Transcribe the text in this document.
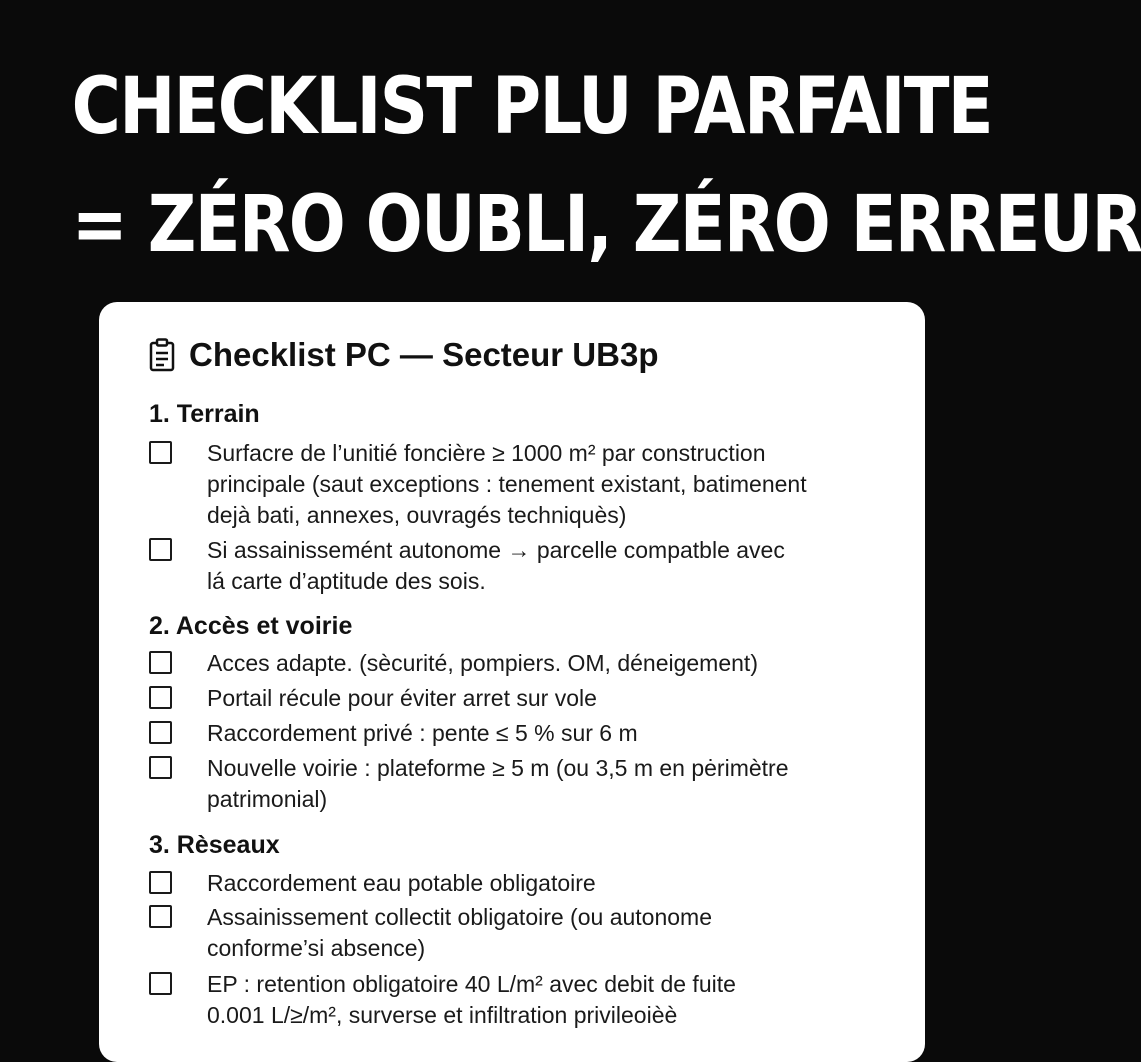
CHECKLIST PLU PARFAITE
= ZÉRO OUBLI, ZÉRO ERREUR
Checklist PC — Secteur UB3p
1. Terrain
Surfacre de l’unitié foncière ≥ 1000 m² par construction
principale (saut exceptions : tenement existant, batimenent
dejà bati, annexes, ouvragés techniquès)
Si assainissemént autonome → parcelle compatble avec
lá carte d’aptitude des sois.
2. Accès et voirie
Acces adapte. (sècurité, pompiers. OM, déneigement)
Portail récule pour éviter arret sur vole
Raccordement privé : pente ≤ 5 % sur 6 m
Nouvelle voirie : plateforme ≥ 5 m (ou 3,5 m en pėrimètre
patrimonial)
3. Rèseaux
Raccordement eau potable obligatoire
Assainissement collectit obligatoire (ou autonome
conforme’si absence)
EP : retention obligatoire 40 L/m² avec debit de fuite
0.001 L/≥/m², surverse et infiltration privileoièè
